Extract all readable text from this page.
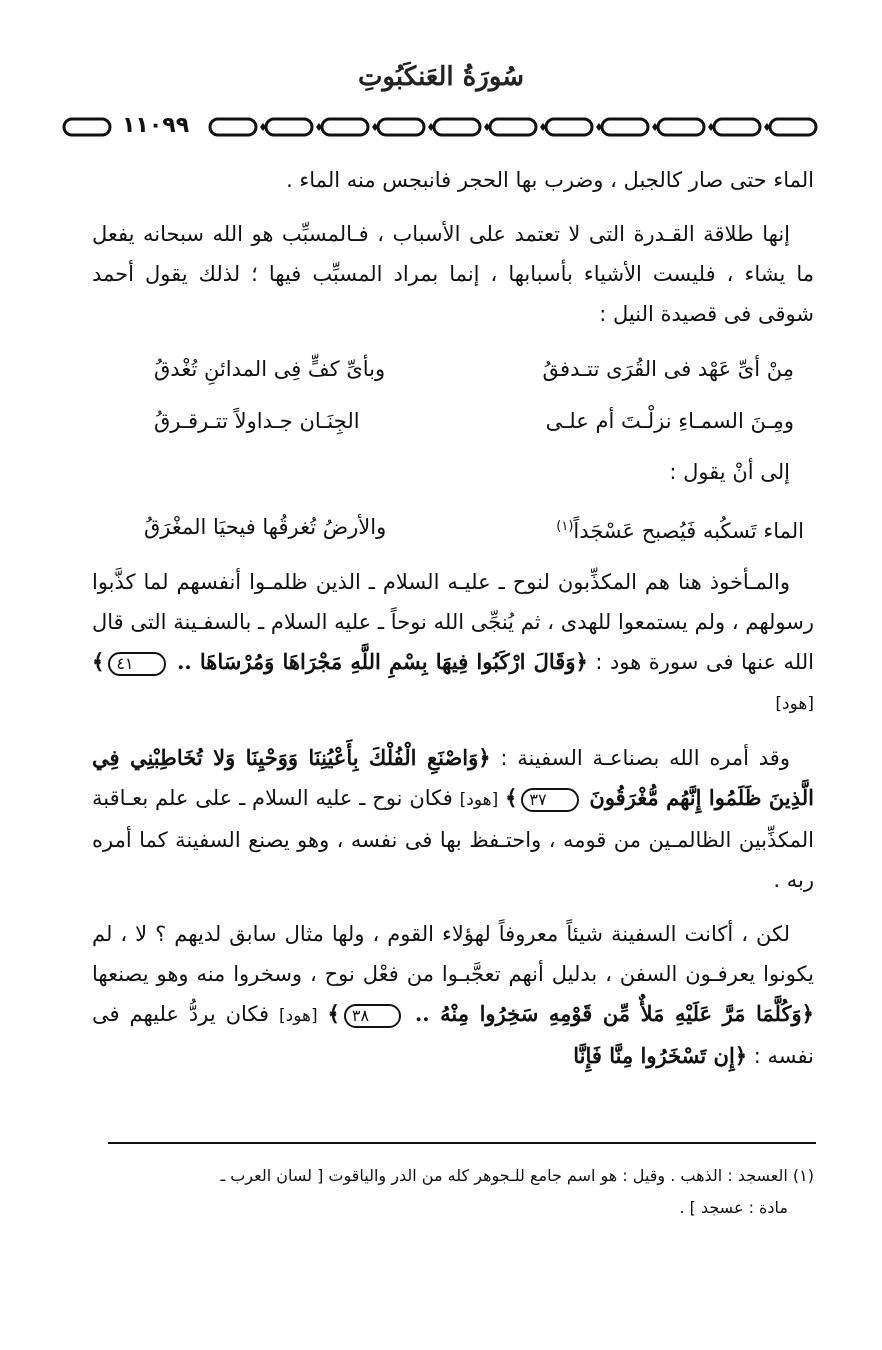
سُورَةُ العَنكَبُوتِ
١١٠٩٩

الماء حتى صار كالجبل ، وضرب بها الحجر فانبجس منه الماء .

إنها طلاقة القـدرة التى لا تعتمد على الأسباب ، فـالمسبِّب هو الله سبحانه يفعل ما يشاء ، فليست الأشياء بأسبابها ، إنما بمراد المسبِّب فيها ؛ لذلك يقول أحمد شوقى فى قصيدة النيل :

مِنْ أىِّ عَهْد فى القُرَى تتـدفقُ
وبأىِّ كفٍّ فِى المدائنِ تُغْدقُ
ومِـنَ السمـاءِ نزلْـتَ أم علـى
الجِنَـان جـداولاً تتـرقـرقُ

إلى أنْ يقول :

الماء تَسكُبه فَيُصبح عَسْجَداً$^{(١)}$
والأرضُ تُغرقُها فيحيَا المغْرَقُ

والمـأخوذ هنا هم المكذِّبون لنوح ـ عليـه السلام ـ الذين ظلمـوا أنفسهم لما كذَّبوا رسولهم ، ولم يستمعوا للهدى ، ثم يُنجِّى الله نوحاً ـ عليه السلام ـ بالسفـينة التى قال الله عنها فى سورة هود : ﴿وَقَالَ ارْكَبُوا فِيهَا بِسْمِ اللَّهِ مَجْرَاهَا وَمُرْسَاهَا .. ٤١﴾ [هود]

وقد أمره الله بصناعـة السفينة : ﴿وَاصْنَعِ الْفُلْكَ بِأَعْيُنِنَا وَوَحْيِنَا وَلا تُخَاطِبْنِي فِي الَّذِينَ ظَلَمُوا إِنَّهُم مُّغْرَقُونَ ٣٧﴾ [هود] فكان نوح ـ عليه السلام ـ على علم بعـاقبة المكذِّبين الظالمـين من قومه ، واحتـفظ بها فى نفسه ، وهو يصنع السفينة كما أمره ربه .

لكن ، أكانت السفينة شيئاً معروفاً لهؤلاء القوم ، ولها مثال سابق لديهم ؟ لا ، لم يكونوا يعرفـون السفن ، بدليل أنهم تعجَّبـوا من فعْل نوح ، وسخروا منه وهو يصنعها ﴿وَكُلَّمَا مَرَّ عَلَيْهِ مَلأٌ مِّن قَوْمِهِ سَخِرُوا مِنْهُ .. ٣٨﴾ [هود] فكان يردُّ عليهم فى نفسه : ﴿إِن تَسْخَرُوا مِنَّا فَإِنَّا

(١) العسجد : الذهب . وقيل : هو اسم جامع للـجوهر كله من الدر والياقوت [ لسان العرب ـ
مادة : عسجد ] .
